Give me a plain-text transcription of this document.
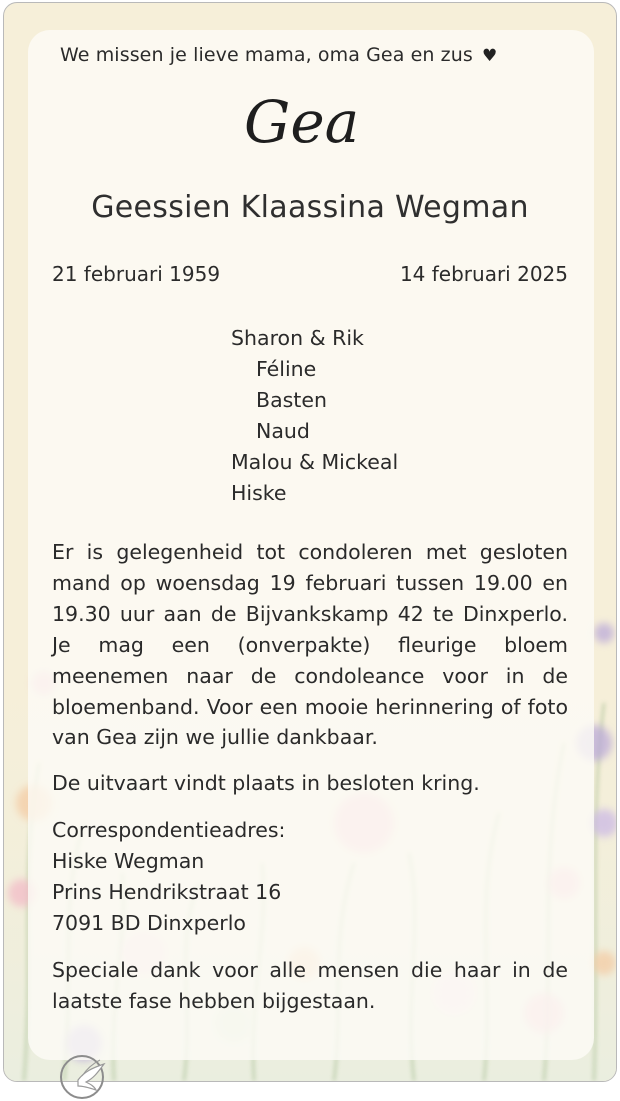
We missen je lieve mama, oma Gea en zus ♥
Gea
Geessien Klaassina Wegman
21 februari 1959	14 februari 2025
Sharon & Rik
Féline
Basten
Naud
Malou & Mickeal
Hiske
Er is gelegenheid tot condoleren met gesloten mand op woensdag 19 februari tussen 19.00 en 19.30 uur aan de Bijvankskamp 42 te Dinxperlo. Je mag een (onverpakte) fleurige bloem meenemen naar de condoleance voor in de bloemenband. Voor een mooie herinnering of foto van Gea zijn we jullie dankbaar.
De uitvaart vindt plaats in besloten kring.
Correspondentieadres:
Hiske Wegman
Prins Hendrikstraat 16
7091 BD Dinxperlo
Speciale dank voor alle mensen die haar in de laatste fase hebben bijgestaan.
